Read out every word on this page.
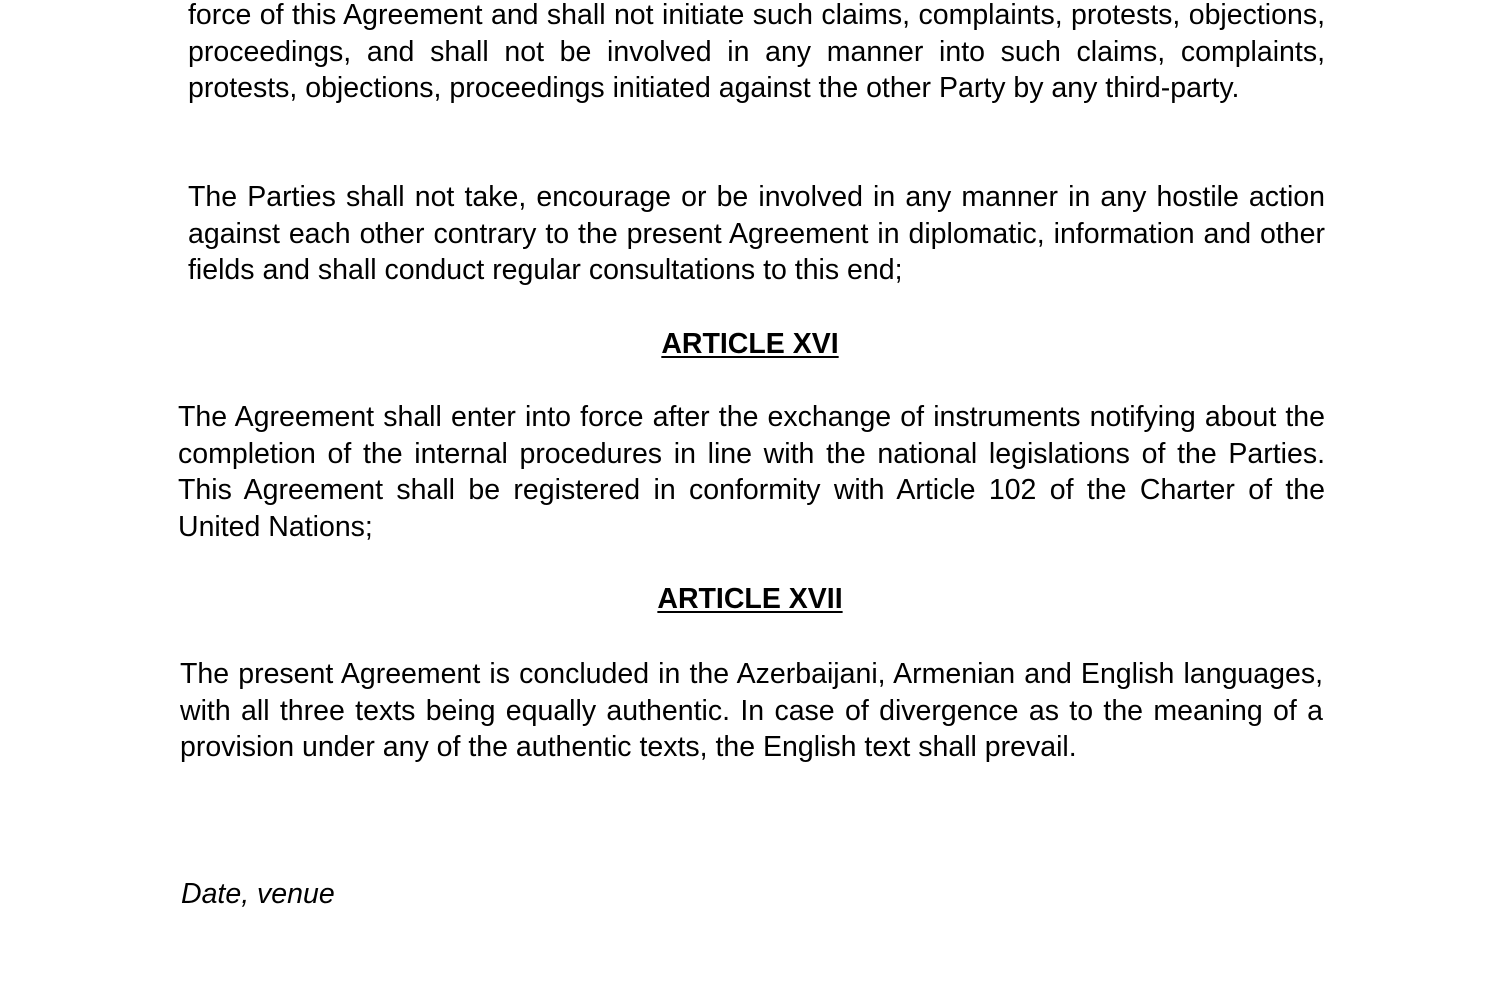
force of this Agreement and shall not initiate such claims, complaints, protests, objections, proceedings, and shall not be involved in any manner into such claims, complaints, protests, objections, proceedings initiated against the other Party by any third-party.

The Parties shall not take, encourage or be involved in any manner in any hostile action against each other contrary to the present Agreement in diplomatic, information and other fields and shall conduct regular consultations to this end;

ARTICLE XVI

The Agreement shall enter into force after the exchange of instruments notifying about the completion of the internal procedures in line with the national legislations of the Parties. This Agreement shall be registered in conformity with Article 102 of the Charter of the United Nations;

ARTICLE XVII

The present Agreement is concluded in the Azerbaijani, Armenian and English languages, with all three texts being equally authentic. In case of divergence as to the meaning of a provision under any of the authentic texts, the English text shall prevail.

Date, venue
